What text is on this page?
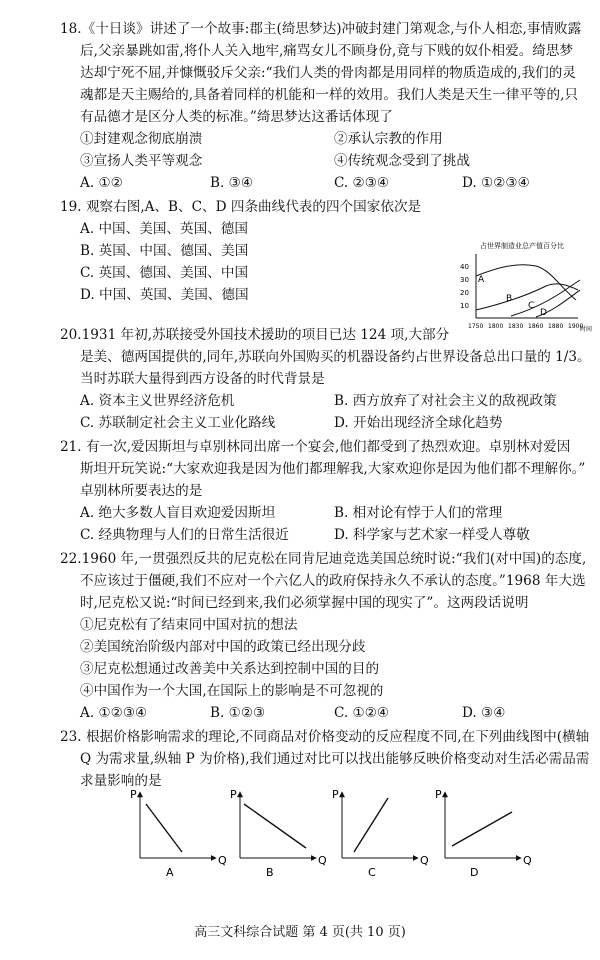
18.《十日谈》讲述了一个故事:郡主(绮思梦达)冲破封建门第观念,与仆人相恋,事情败露
后,父亲暴跳如雷,将仆人关入地牢,痛骂女儿不顾身份,竟与下贱的奴仆相爱。绮思梦
达却宁死不屈,并慷慨驳斥父亲:“我们人类的骨肉都是用同样的物质造成的,我们的灵
魂都是天主赐给的,具备着同样的机能和一样的效用。我们人类是天生一律平等的,只
有品德才是区分人类的标准。”绮思梦达这番话体现了
①封建观念彻底崩溃	②承认宗教的作用
③宣扬人类平等观念	④传统观念受到了挑战
A. ①②	B. ③④	C. ②③④	D. ①②③④
19. 观察右图,A、B、C、D 四条曲线代表的四个国家依次是
A. 中国、美国、英国、德国
B. 英国、中国、德国、美国
C. 英国、德国、美国、中国
D. 中国、英国、美国、德国
占世界制造业总产值百分比
40
30
20
10
1750 1800 1830 1860 1880 1900
时间
A
B
C
D
20.1931 年初,苏联接受外国技术援助的项目已达 124 项,大部分
是美、德两国提供的,同年,苏联向外国购买的机器设备约占世界设备总出口量的 1/3。
当时苏联大量得到西方设备的时代背景是
A. 资本主义世界经济危机	B. 西方放弃了对社会主义的敌视政策
C. 苏联制定社会主义工业化路线	D. 开始出现经济全球化趋势
21. 有一次,爱因斯坦与卓别林同出席一个宴会,他们都受到了热烈欢迎。卓别林对爱因
斯坦开玩笑说:“大家欢迎我是因为他们都理解我,大家欢迎你是因为他们都不理解你。”
卓别林所要表达的是
A. 绝大多数人盲目欢迎爱因斯坦	B. 相对论有悖于人们的常理
C. 经典物理与人们的日常生活很近	D. 科学家与艺术家一样受人尊敬
22.1960 年,一贯强烈反共的尼克松在同肯尼迪竞选美国总统时说:“我们(对中国)的态度,
不应该过于僵硬,我们不应对一个六亿人的政府保持永久不承认的态度。”1968 年大选
时,尼克松又说:“时间已经到来,我们必须掌握中国的现实了”。这两段话说明
①尼克松有了结束同中国对抗的想法
②美国统治阶级内部对中国的政策已经出现分歧
③尼克松想通过改善美中关系达到控制中国的目的
④中国作为一个大国,在国际上的影响是不可忽视的
A. ①②③④	B. ①②③	C. ①②④	D. ③④
23. 根据价格影响需求的理论,不同商品对价格变动的反应程度不同,在下列曲线图中(横轴
Q 为需求量,纵轴 P 为价格),我们通过对比可以找出能够反映价格变动对生活必需品需
求量影响的是
P
Q
A
P
Q
B
P
Q
C
P
Q
D
高三文科综合试题 第 4 页(共 10 页)
